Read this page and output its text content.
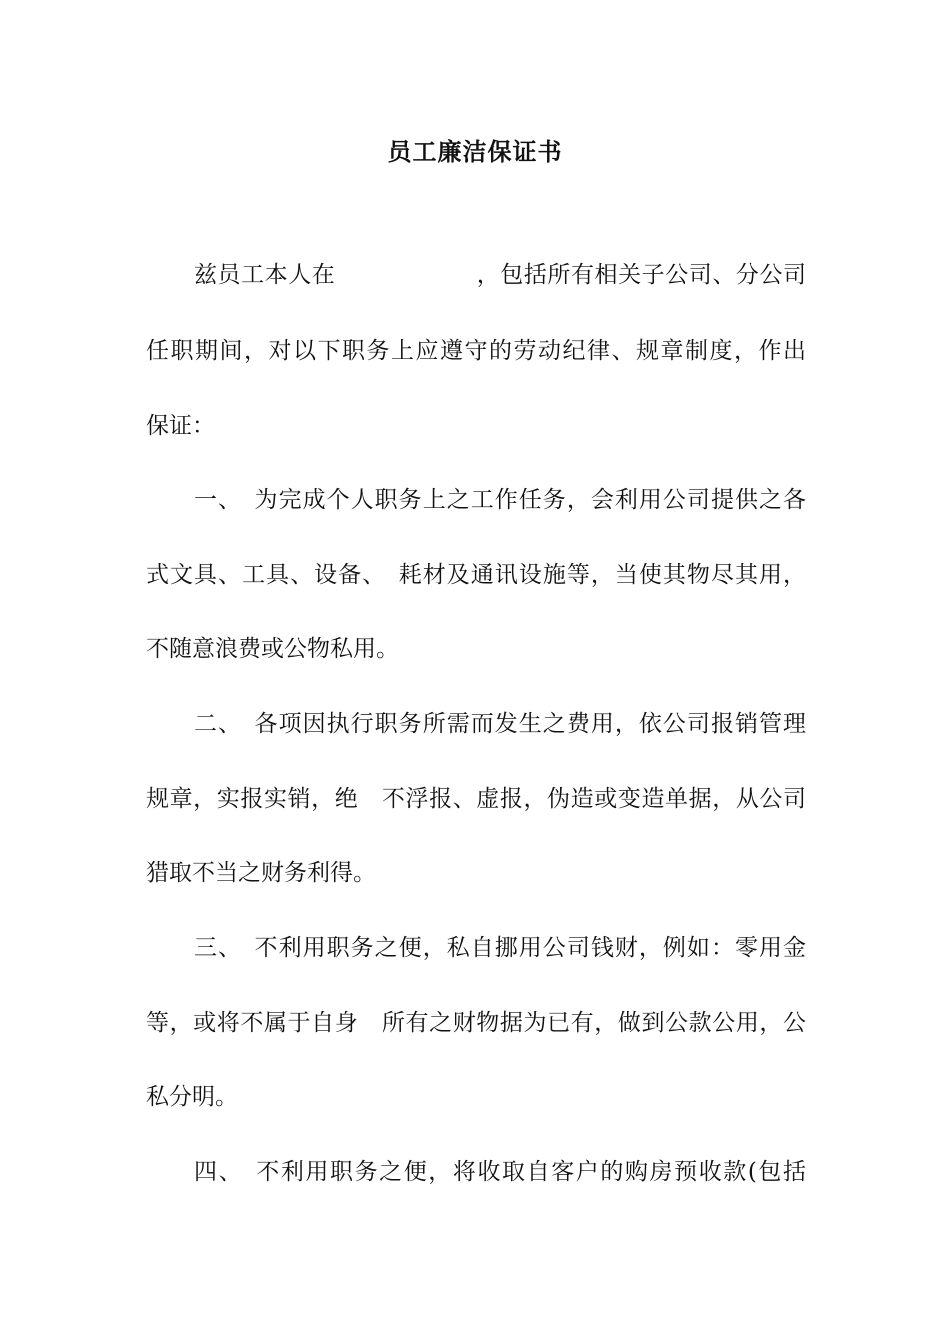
员工廉洁保证书
兹员工本人在　　　　　　，包括所有相关子公司、分公司
任职期间，对以下职务上应遵守的劳动纪律、规章制度，作出
保证：
一、　为完成个人职务上之工作任务，会利用公司提供之各
式文具、工具、设备、　耗材及通讯设施等，当使其物尽其用，
不随意浪费或公物私用。
二、　各项因执行职务所需而发生之费用，依公司报销管理
规章，实报实销，绝　不浮报、虚报，伪造或变造单据，从公司
猎取不当之财务利得。
三、　不利用职务之便，私自挪用公司钱财，例如：零用金
等，或将不属于自身　所有之财物据为已有，做到公款公用，公
私分明。
四、　不利用职务之便，将收取自客户的购房预收款(包括
